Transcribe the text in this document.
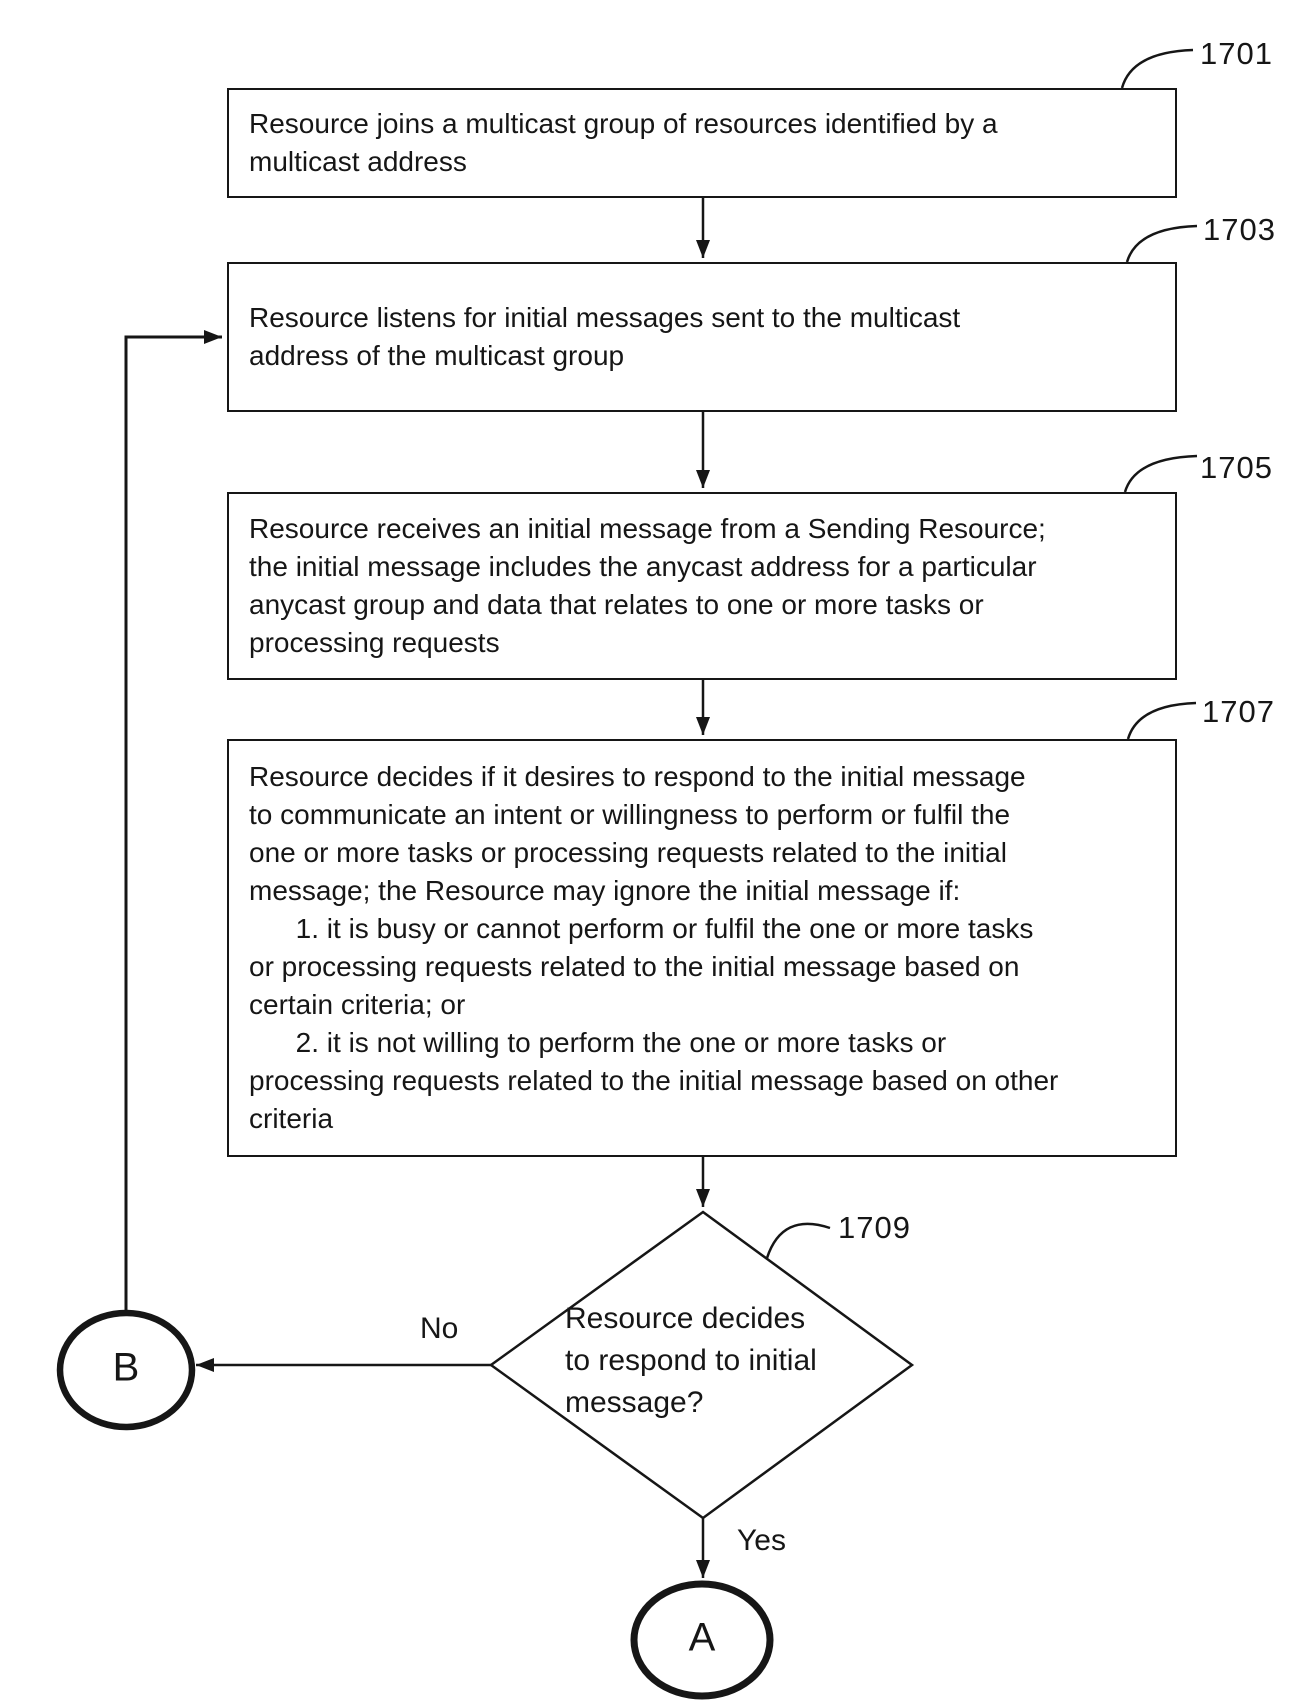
Resource joins a multicast group of resources identified by a
multicast address
Resource listens for initial messages sent to the multicast
address of the multicast group
Resource receives an initial message from a Sending Resource;
the initial message includes the anycast address for a particular
anycast group and data that relates to one or more tasks or
processing requests
Resource decides if it desires to respond to the initial message
to communicate an intent or willingness to perform or fulfil the
one or more tasks or processing requests related to the initial
message; the Resource may ignore the initial message if:
1. it is busy or cannot perform or fulfil the one or more tasks
or processing requests related to the initial message based on
certain criteria; or
2. it is not willing to perform the one or more tasks or
processing requests related to the initial message based on other
criteria
Resource decides
to respond to initial
message?
1701
1703
1705
1707
1709
No
Yes
B
A
